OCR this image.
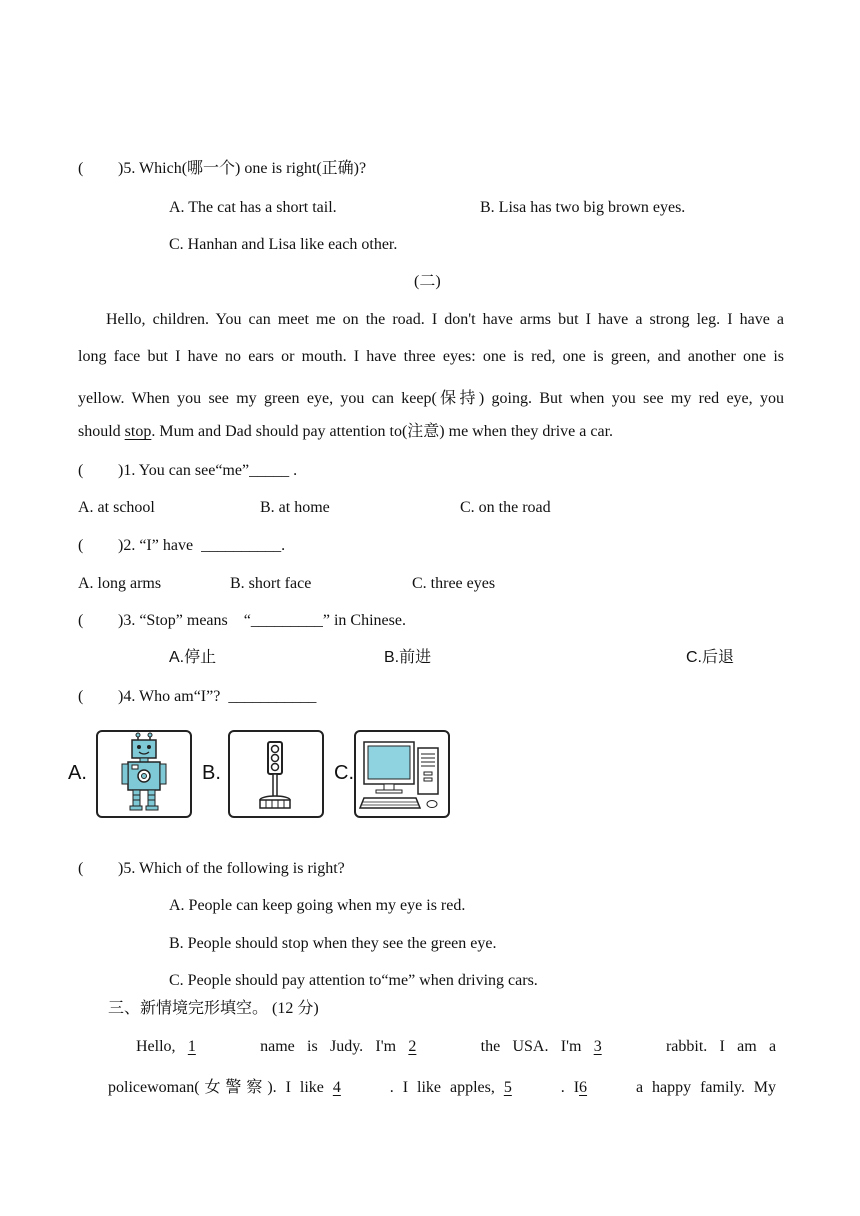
( )5. Which(哪一个) one is right(正确)?
A. The cat has a short tail.	B. Lisa has two big brown eyes.
C. Hanhan and Lisa like each other.
(二)
Hello, children. You can meet me on the road. I don't have arms but I have a strong leg. I have a
long face but I have no ears or mouth. I have three eyes: one is red, one is green, and another one is
yellow. When you see my green eye, you can keep(保持) going. But when you see my red eye, you
should stop. Mum and Dad should pay attention to(注意) me when they drive a car.
( )1. You can see“me”_____ .
A. at school	B. at home	C. on the road
( )2. “I” have __________.
A. long arms	B. short face	C. three eyes
( )3. “Stop” means “_________” in Chinese.
A.停止	B.前进	C.后退
( )4. Who am“I”? ___________
A.	B.	C.
( )5. Which of the following is right?
A. People can keep going when my eye is red.
B. People should stop when they see the green eye.
C. People should pay attention to“me” when driving cars.
三、新情境完形填空。 (12 分)
Hello, 1	name is Judy. I'm 2	the USA. I'm 3	rabbit. I am a
policewoman(女警察). I like 4	. I like apples, 5	. I6	a happy family. My
